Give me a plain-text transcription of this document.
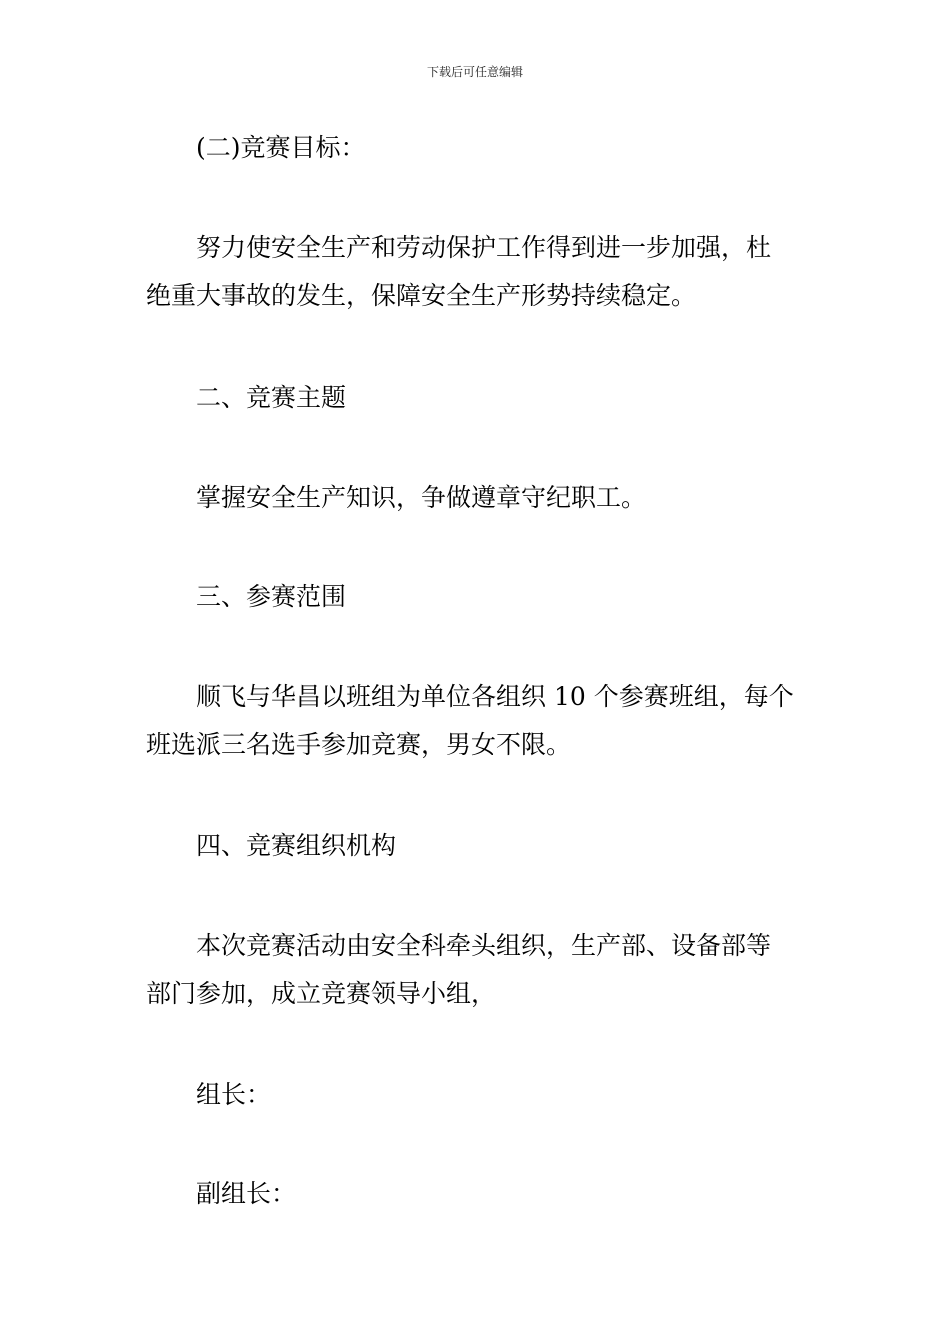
下载后可任意编辑

(二)竞赛目标：

努力使安全生产和劳动保护工作得到进一步加强，杜
绝重大事故的发生，保障安全生产形势持续稳定。

二、竞赛主题

掌握安全生产知识，争做遵章守纪职工。

三、参赛范围

顺飞与华昌以班组为单位各组织 10 个参赛班组，每个
班选派三名选手参加竞赛，男女不限。

四、竞赛组织机构

本次竞赛活动由安全科牵头组织，生产部、设备部等
部门参加，成立竞赛领导小组，

组长：

副组长：
